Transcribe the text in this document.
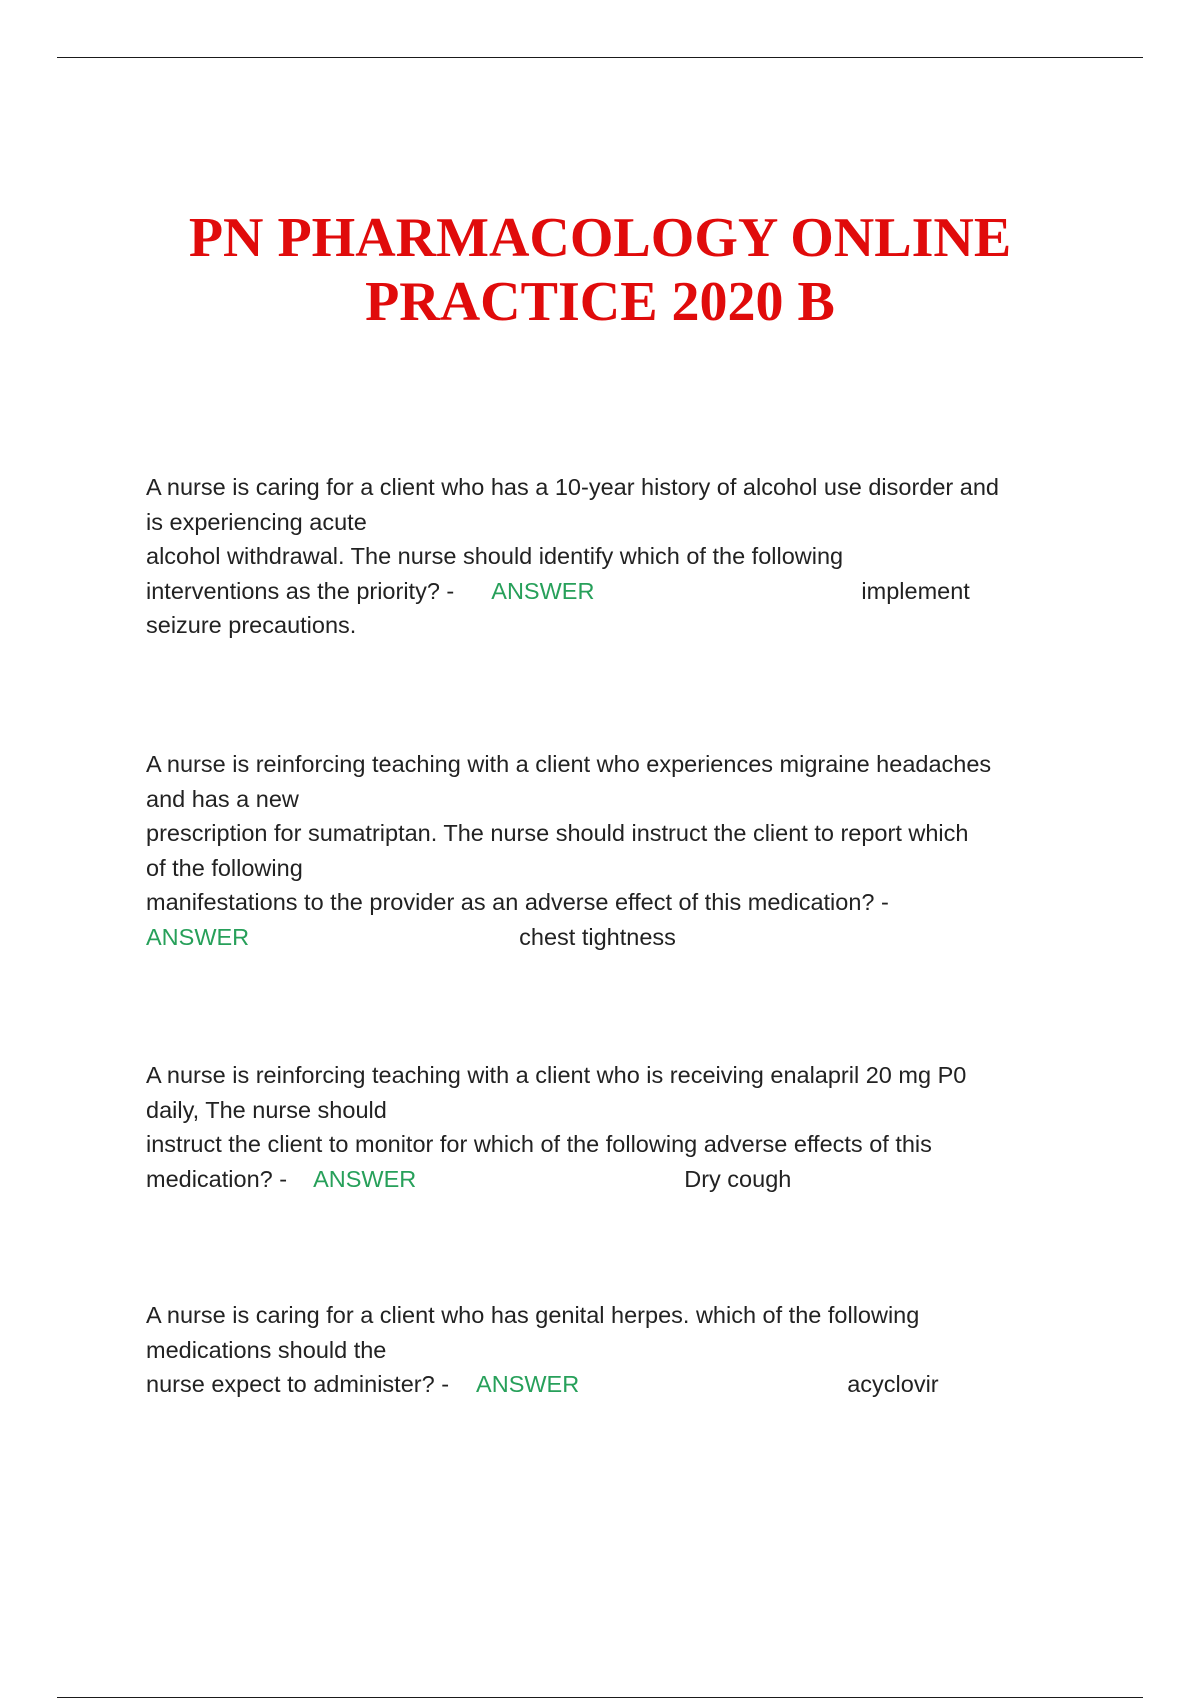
PN PHARMACOLOGY ONLINE
PRACTICE 2020 B
A nurse is caring for a client who has a 10-year history of alcohol use disorder and
is experiencing acute
alcohol withdrawal. The nurse should identify which of the following
interventions as the priority? - ANSWER	implement
seizure precautions.
A nurse is reinforcing teaching with a client who experiences migraine headaches
and has a new
prescription for sumatriptan. The nurse should instruct the client to report which
of the following
manifestations to the provider as an adverse effect of this medication? -
ANSWER	chest tightness
A nurse is reinforcing teaching with a client who is receiving enalapril 20 mg P0
daily, The nurse should
instruct the client to monitor for which of the following adverse effects of this
medication? - ANSWER	Dry cough
A nurse is caring for a client who has genital herpes. which of the following
medications should the
nurse expect to administer? - ANSWER	acyclovir
